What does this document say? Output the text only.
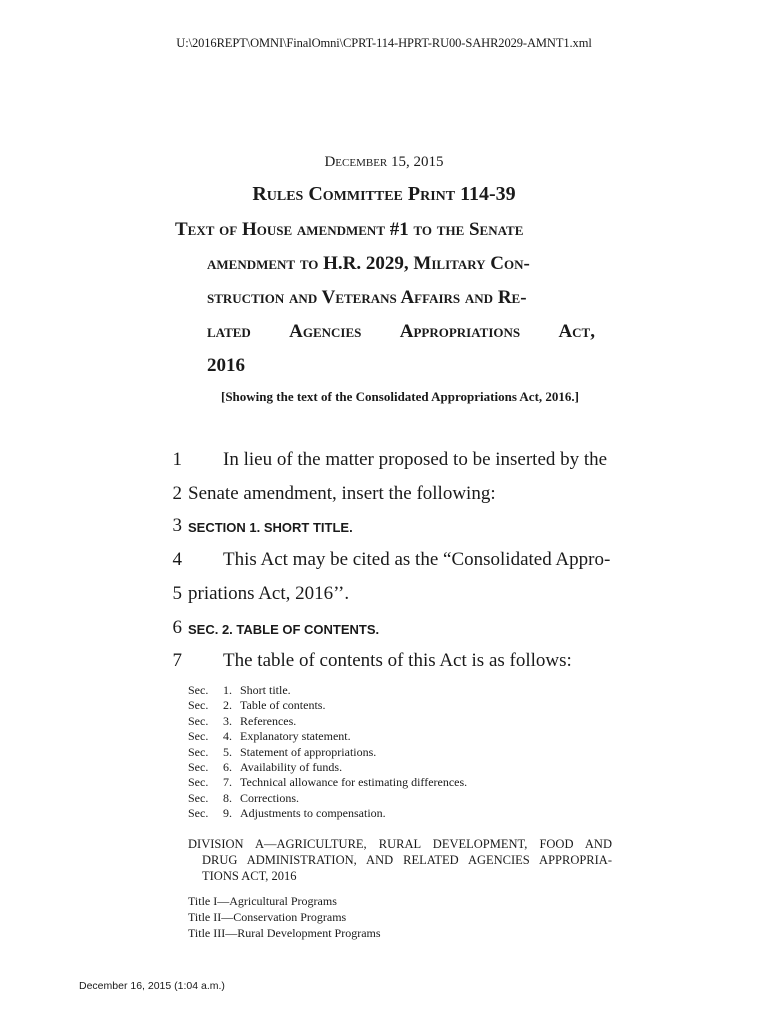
U:\2016REPT\OMNI\FinalOmni\CPRT-114-HPRT-RU00-SAHR2029-AMNT1.xml
December 15, 2015
Rules Committee Print 114-39
Text of House amendment #1 to the Senate
amendment to H.R. 2029, Military Con-
struction and Veterans Affairs and Re-
lated Agencies Appropriations Act,
2016
[Showing the text of the Consolidated Appropriations Act, 2016.]
1
2
3
4
5
6
7
In lieu of the matter proposed to be inserted by the
Senate amendment, insert the following:
SECTION 1. SHORT TITLE.
This Act may be cited as the “Consolidated Appro-
priations Act, 2016’’.
SEC. 2. TABLE OF CONTENTS.
The table of contents of this Act is as follows:
Sec.	1. Short title.
Sec.	2. Table of contents.
Sec.	3. References.
Sec.	4. Explanatory statement.
Sec.	5. Statement of appropriations.
Sec.	6. Availability of funds.
Sec.	7. Technical allowance for estimating differences.
Sec.	8. Corrections.
Sec.	9. Adjustments to compensation.
DIVISION A—AGRICULTURE, RURAL DEVELOPMENT, FOOD AND
DRUG ADMINISTRATION, AND RELATED AGENCIES APPROPRIA-
TIONS ACT, 2016
Title I—Agricultural Programs
Title II—Conservation Programs
Title III—Rural Development Programs
December 16, 2015 (1:04 a.m.)
